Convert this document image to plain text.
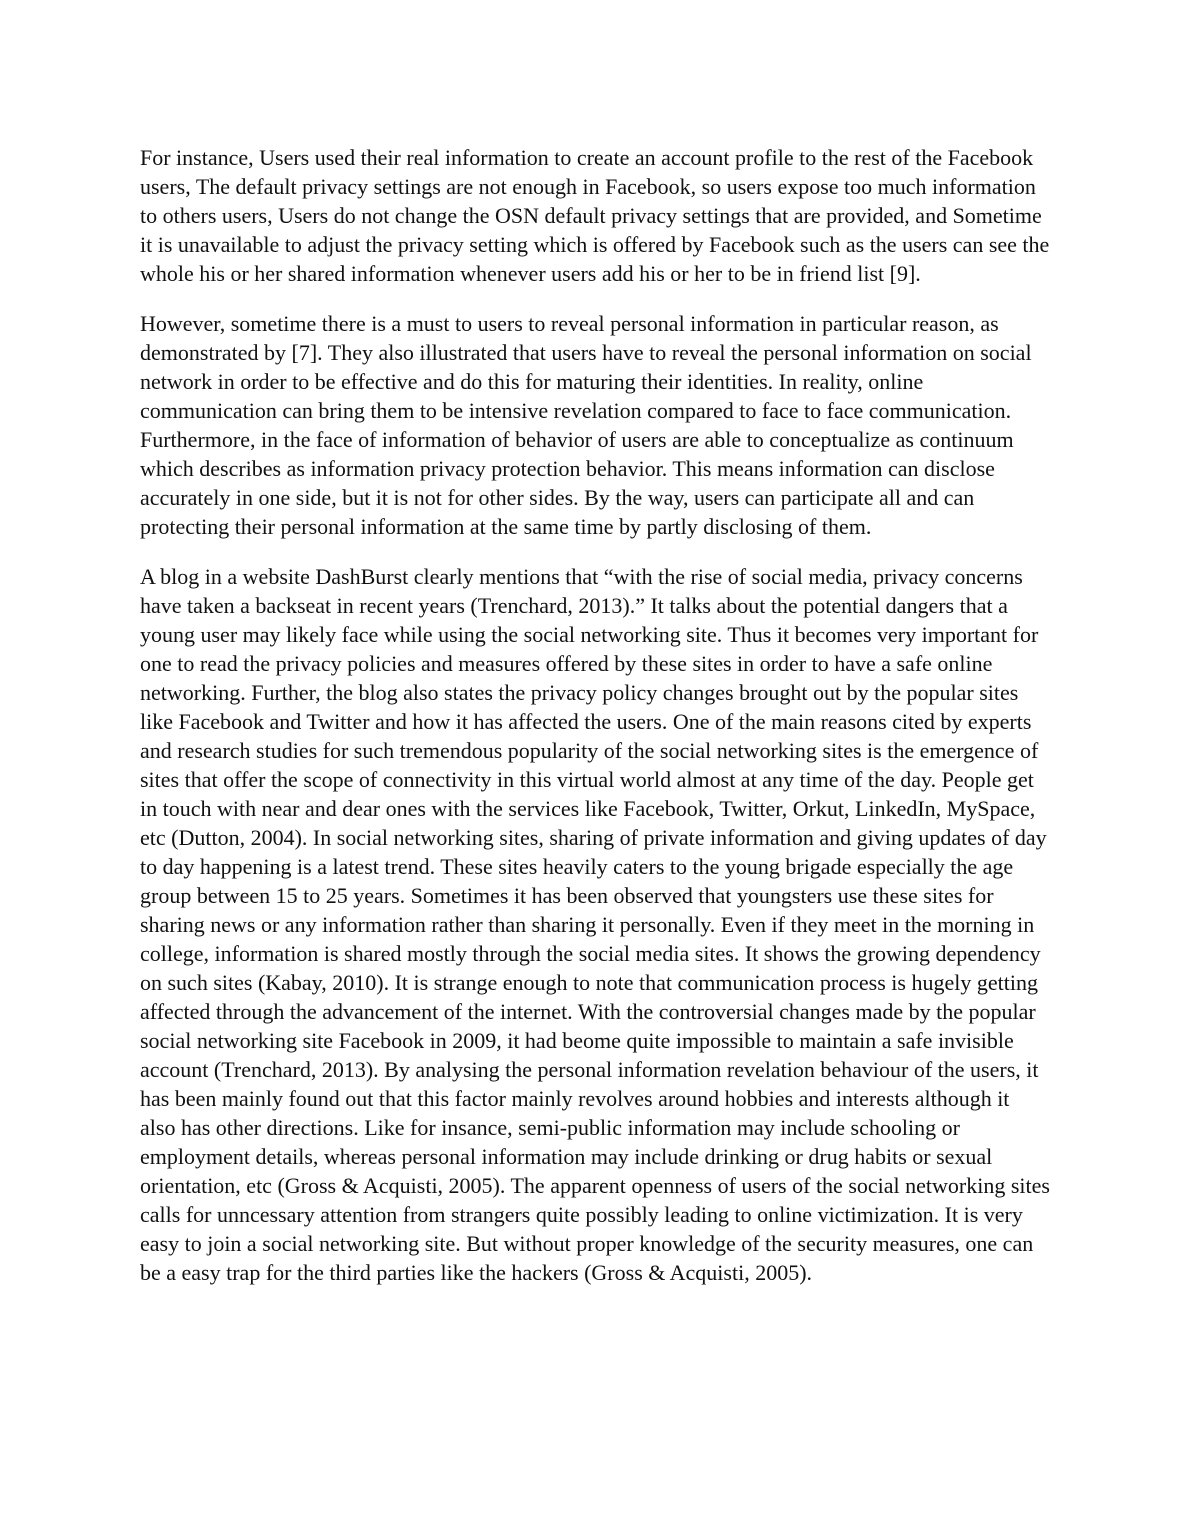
For instance, Users used their real information to create an account profile to the rest of the Facebook users, The default privacy settings are not enough in Facebook, so users expose too much information to others users, Users do not change the OSN default privacy settings that are provided, and Sometime it is unavailable to adjust the privacy setting which is offered by Facebook such as the users can see the whole his or her shared information whenever users add his or her to be in friend list [9].

However, sometime there is a must to users to reveal personal information in particular reason, as demonstrated by [7]. They also illustrated that users have to reveal the personal information on social network in order to be effective and do this for maturing their identities. In reality, online communication can bring them to be intensive revelation compared to face to face communication. Furthermore, in the face of information of behavior of users are able to conceptualize as continuum which describes as information privacy protection behavior. This means information can disclose accurately in one side, but it is not for other sides. By the way, users can participate all and can protecting their personal information at the same time by partly disclosing of them.

A blog in a website DashBurst clearly mentions that “with the rise of social media, privacy concerns have taken a backseat in recent years (Trenchard, 2013).” It talks about the potential dangers that a young user may likely face while using the social networking site. Thus it becomes very important for one to read the privacy policies and measures offered by these sites in order to have a safe online networking. Further, the blog also states the privacy policy changes brought out by the popular sites like Facebook and Twitter and how it has affected the users. One of the main reasons cited by experts and research studies for such tremendous popularity of the social networking sites is the emergence of sites that offer the scope of connectivity in this virtual world almost at any time of the day. People get in touch with near and dear ones with the services like Facebook, Twitter, Orkut, LinkedIn, MySpace, etc (Dutton, 2004). In social networking sites, sharing of private information and giving updates of day to day happening is a latest trend. These sites heavily caters to the young brigade especially the age group between 15 to 25 years. Sometimes it has been observed that youngsters use these sites for sharing news or any information rather than sharing it personally. Even if they meet in the morning in college, information is shared mostly through the social media sites. It shows the growing dependency on such sites (Kabay, 2010). It is strange enough to note that communication process is hugely getting affected through the advancement of the internet. With the controversial changes made by the popular social networking site Facebook in 2009, it had beome quite impossible to maintain a safe invisible account (Trenchard, 2013). By analysing the personal information revelation behaviour of the users, it has been mainly found out that this factor mainly revolves around hobbies and interests although it also has other directions. Like for insance, semi-public information may include schooling or employment details, whereas personal information may include drinking or drug habits or sexual orientation, etc (Gross & Acquisti, 2005). The apparent openness of users of the social networking sites calls for unncessary attention from strangers quite possibly leading to online victimization. It is very easy to join a social networking site. But without proper knowledge of the security measures, one can be a easy trap for the third parties like the hackers (Gross & Acquisti, 2005).
